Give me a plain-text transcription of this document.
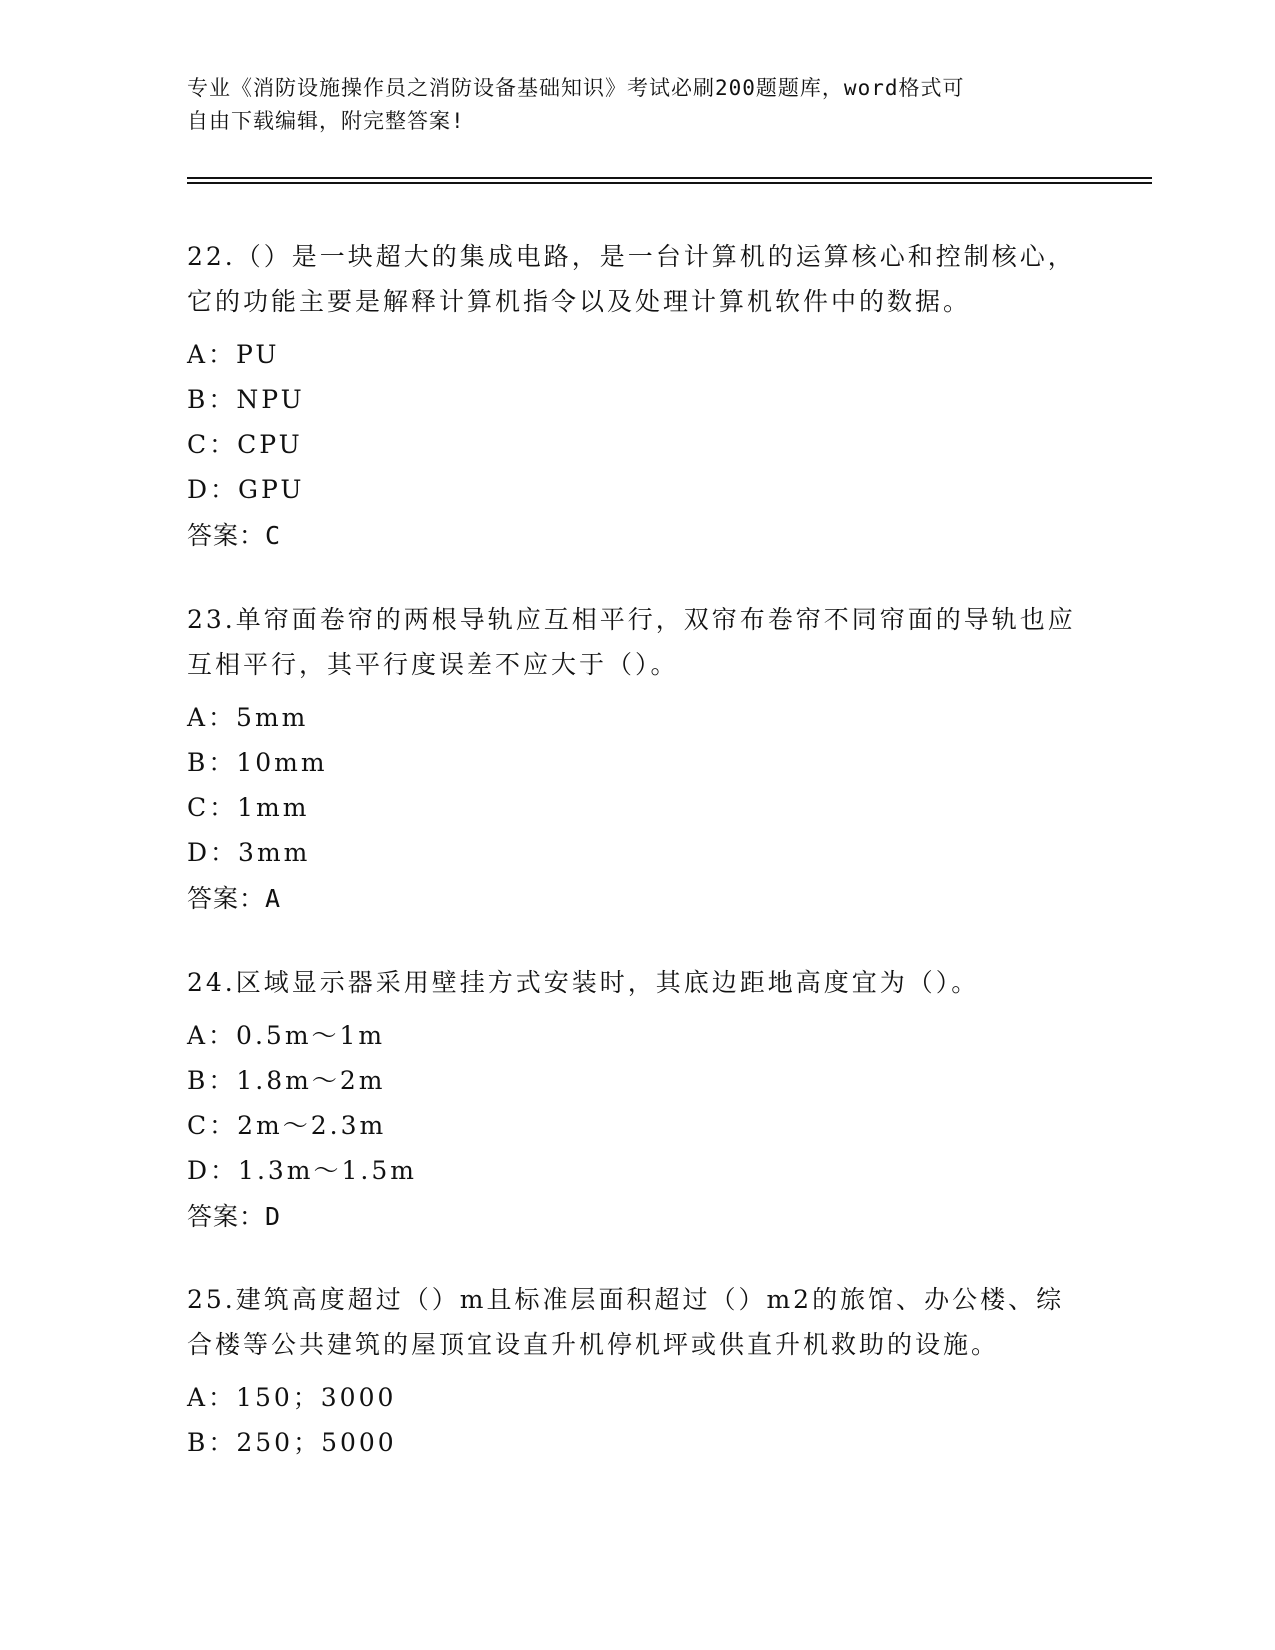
专业《消防设施操作员之消防设备基础知识》考试必刷200题题库，word格式可

自由下载编辑，附完整答案!

22.（）是一块超大的集成电路，是一台计算机的运算核心和控制核心，它的功能主要是解释计算机指令以及处理计算机软件中的数据。

A：PU
B：NPU
C：CPU
D：GPU
答案：C

23.单帘面卷帘的两根导轨应互相平行，双帘布卷帘不同帘面的导轨也应互相平行，其平行度误差不应大于（）。

A：5mm
B：10mm
C：1mm
D：3mm
答案：A

24.区域显示器采用壁挂方式安装时，其底边距地高度宜为（）。

A：0.5m～1m
B：1.8m～2m
C：2m～2.3m
D：1.3m～1.5m
答案：D

25.建筑高度超过（）m且标准层面积超过（）m2的旅馆、办公楼、综合楼等公共建筑的屋顶宜设直升机停机坪或供直升机救助的设施。

A：150；3000
B：250；5000
